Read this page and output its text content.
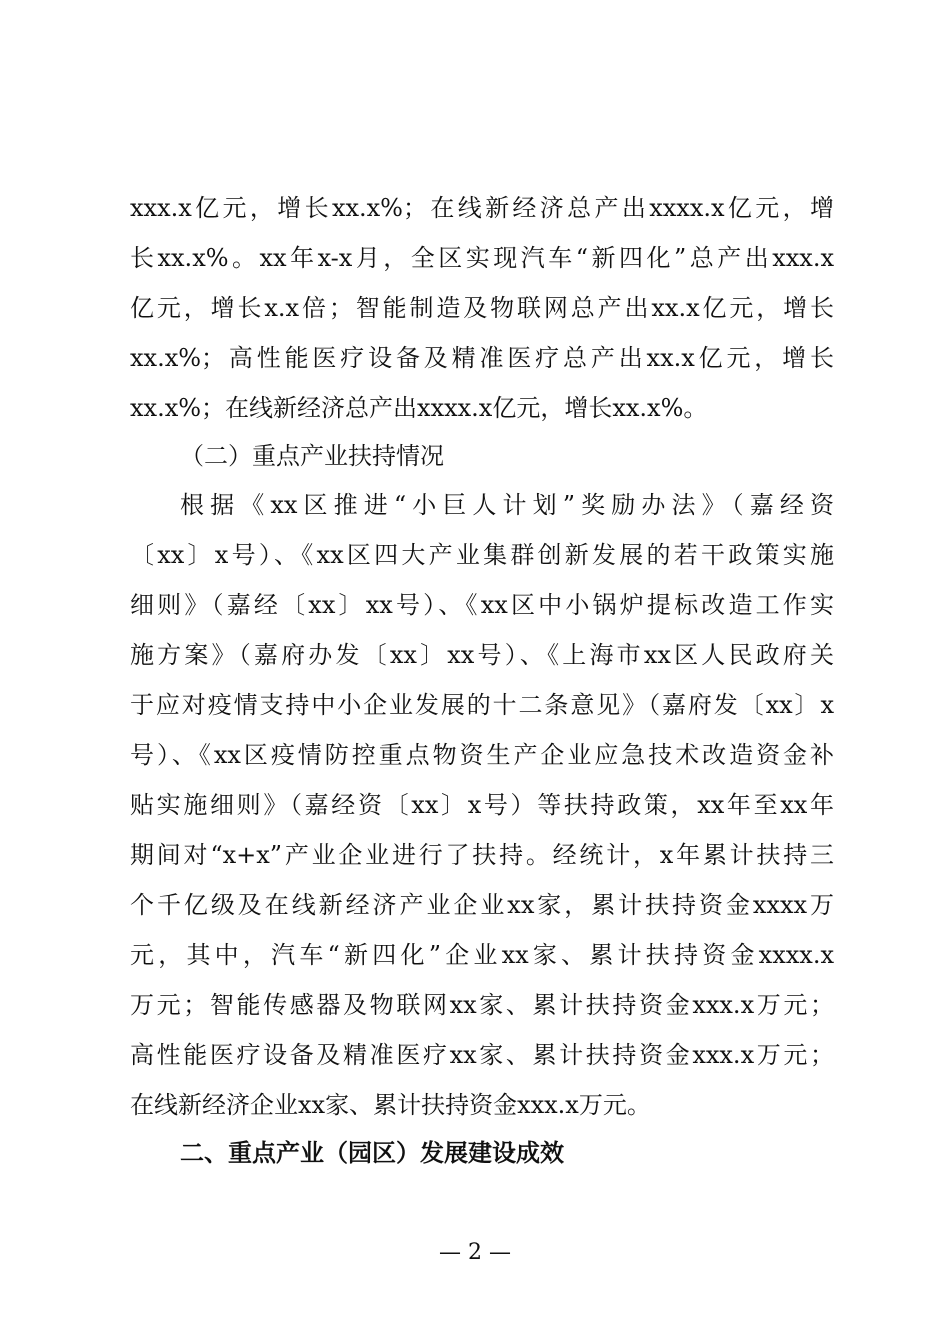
xxx.x亿元，增长xx.x%；在线新经济总产出xxxx.x亿元，增
长xx.x%。xx年x-x月，全区实现汽车“新四化”总产出xxx.x
亿元，增长x.x倍；智能制造及物联网总产出xx.x亿元，增长
xx.x%；高性能医疗设备及精准医疗总产出xx.x亿元，增长
xx.x%；在线新经济总产出xxxx.x亿元，增长xx.x%。
（二）重点产业扶持情况
根据《xx区推进“小巨人计划”奖励办法》（嘉经资
〔xx〕x号）、《xx区四大产业集群创新发展的若干政策实施
细则》（嘉经〔xx〕xx号）、《xx区中小锅炉提标改造工作实
施方案》（嘉府办发〔xx〕xx号）、《上海市xx区人民政府关
于应对疫情支持中小企业发展的十二条意见》（嘉府发〔xx〕x
号）、《xx区疫情防控重点物资生产企业应急技术改造资金补
贴实施细则》（嘉经资〔xx〕x号）等扶持政策，xx年至xx年
期间对“x+x”产业企业进行了扶持。经统计，x年累计扶持三
个千亿级及在线新经济产业企业xx家，累计扶持资金xxxx万
元，其中，汽车“新四化”企业xx家、累计扶持资金xxxx.x
万元；智能传感器及物联网xx家、累计扶持资金xxx.x万元；
高性能医疗设备及精准医疗xx家、累计扶持资金xxx.x万元；
在线新经济企业xx家、累计扶持资金xxx.x万元。
二、重点产业（园区）发展建设成效
— 2 —
